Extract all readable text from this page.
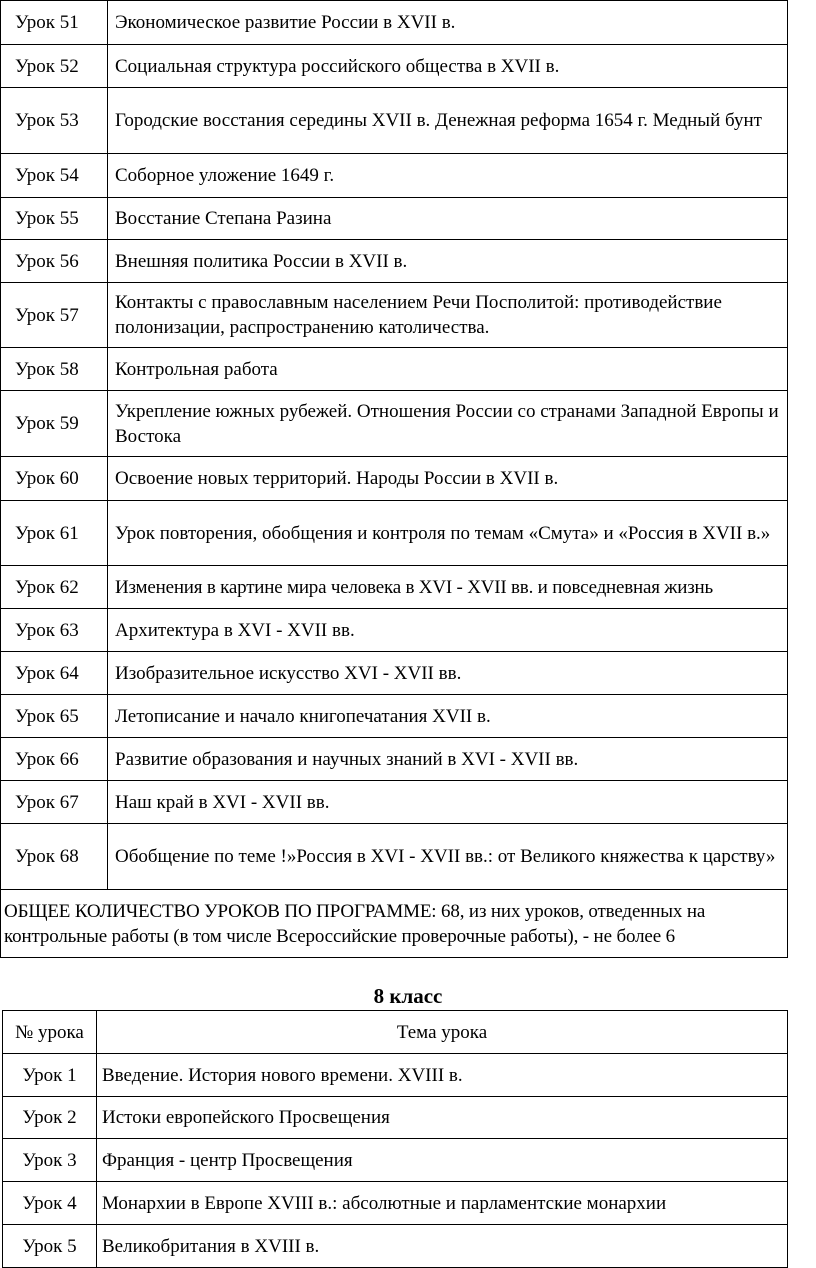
Урок 51	Экономическое развитие России в XVII в.
Урок 52	Социальная структура российского общества в XVII в.
Урок 53	Городские восстания середины XVII в. Денежная реформа 1654 г. Медный бунт
Урок 54	Соборное уложение 1649 г.
Урок 55	Восстание Степана Разина
Урок 56	Внешняя политика России в XVII в.
Урок 57	Контакты с православным населением Речи Посполитой: противодействие полонизации, распространению католичества.
Урок 58	Контрольная работа
Урок 59	Укрепление южных рубежей. Отношения России со странами Западной Европы и Востока
Урок 60	Освоение новых территорий. Народы России в XVII в.
Урок 61	Урок повторения, обобщения и контроля по темам «Смута» и «Россия в XVII в.»
Урок 62	Изменения в картине мира человека в XVI - XVII вв. и повседневная жизнь
Урок 63	Архитектура в XVI - XVII вв.
Урок 64	Изобразительное искусство XVI - XVII вв.
Урок 65	Летописание и начало книгопечатания XVII в.
Урок 66	Развитие образования и научных знаний в XVI - XVII вв.
Урок 67	Наш край в XVI - XVII вв.
Урок 68	Обобщение по теме !»Россия в XVI - XVII вв.: от Великого княжества к царству»
ОБЩЕЕ КОЛИЧЕСТВО УРОКОВ ПО ПРОГРАММЕ: 68, из них уроков, отведенных на контрольные работы (в том числе Всероссийские проверочные работы), - не более 6	
8 класс
№ урока	Тема урока
Урок 1	Введение. История нового времени. XVIII в.
Урок 2	Истоки европейского Просвещения
Урок 3	Франция - центр Просвещения
Урок 4	Монархии в Европе XVIII в.: абсолютные и парламентские монархии
Урок 5	Великобритания в XVIII в.
